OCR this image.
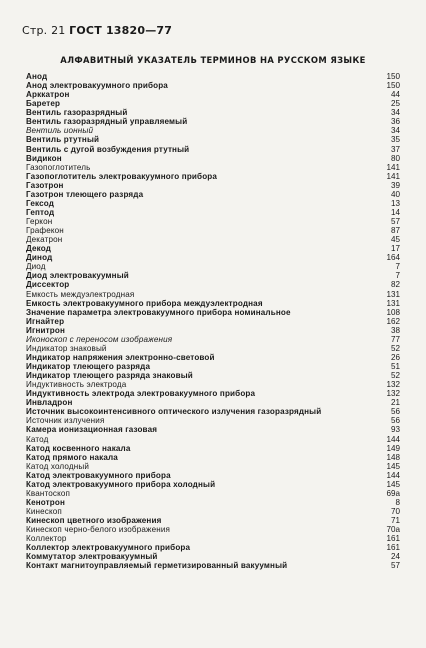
Стр. 21 ГОСТ 13820—77
АЛФАВИТНЫЙ УКАЗАТЕЛЬ ТЕРМИНОВ НА РУССКОМ ЯЗЫКЕ
Анод	150
Анод электровакуумного прибора	150
Арккатрон	44
Баретер	25
Вентиль газоразрядный	34
Вентиль газоразрядный управляемый	36
Вентиль ионный	34
Вентиль ртутный	35
Вентиль с дугой возбуждения ртутный	37
Видикон	80
Газопоглотитель	141
Газопоглотитель электровакуумного прибора	141
Газотрон	39
Газотрон тлеющего разряда	40
Гексод	13
Гептод	14
Геркон	57
Графекон	87
Декатрон	45
Декод	17
Динод	164
Диод	7
Диод электровакуумный	7
Диссектор	82
Емкость междуэлектродная	131
Емкость электровакуумного прибора междуэлектродная	131
Значение параметра электровакуумного прибора номинальное	108
Игнайтер	162
Игнитрон	38
Иконоскоп с переносом изображения	77
Индикатор знаковый	52
Индикатор напряжения электронно-световой	26
Индикатор тлеющего разряда	51
Индикатор тлеющего разряда знаковый	52
Индуктивность электрода	132
Индуктивность электрода электровакуумного прибора	132
Инвладрон	21
Источник высокоинтенсивного оптического излучения газоразрядный	56
Источник излучения	56
Камера ионизационная газовая	93
Катод	144
Катод косвенного накала	149
Катод прямого накала	148
Катод холодный	145
Катод электровакуумного прибора	144
Катод электровакуумного прибора холодный	145
Квантоскоп	69а
Кенотрон	8
Кинескоп	70
Кинескоп цветного изображения	71
Кинескоп черно-белого изображения	70а
Коллектор	161
Коллектор электровакуумного прибора	161
Коммутатор электровакуумный	24
Контакт магнитоуправляемый герметизированный вакуумный	57
